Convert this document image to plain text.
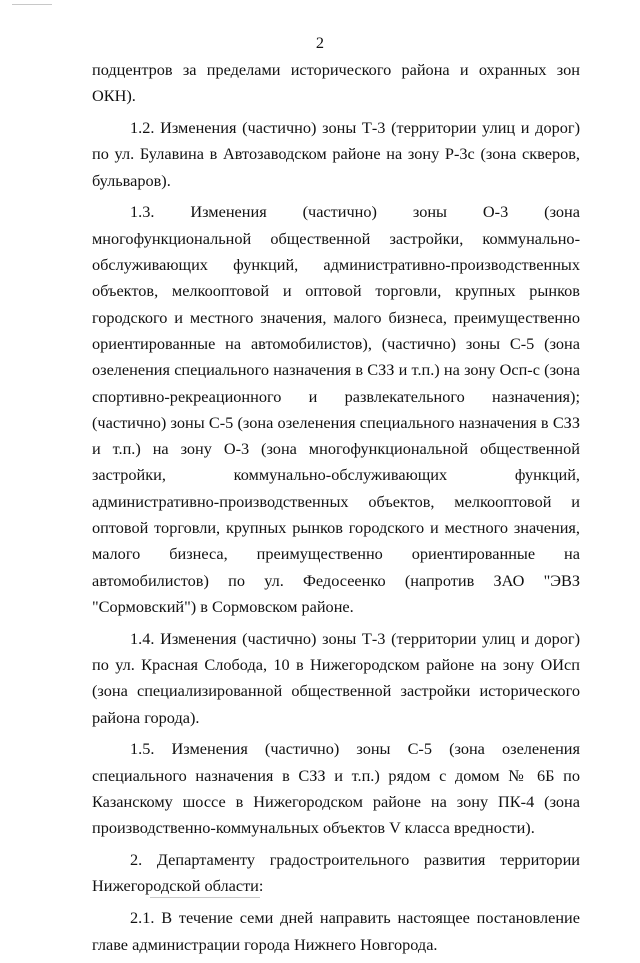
2

подцентров за пределами исторического района и охранных зон ОКН).

1.2. Изменения (частично) зоны Т-3 (территории улиц и дорог) по ул. Булавина в Автозаводском районе на зону Р-3с (зона скверов, бульваров).

1.3. Изменения (частично) зоны О-3 (зона многофункциональной общественной застройки, коммунально-обслуживающих функций, административно-производственных объектов, мелкооптовой и оптовой торговли, крупных рынков городского и местного значения, малого бизнеса, преимущественно ориентированные на автомобилистов), (частично) зоны С-5 (зона озеленения специального назначения в СЗЗ и т.п.) на зону Осп-с (зона спортивно-рекреационного и развлекательного назначения); (частично) зоны С-5 (зона озеленения специального назначения в СЗЗ и т.п.) на зону О-3 (зона многофункциональной общественной застройки, коммунально-обслуживающих функций, административно-производственных объектов, мелкооптовой и оптовой торговли, крупных рынков городского и местного значения, малого бизнеса, преимущественно ориентированные на автомобилистов) по ул. Федосеенко (напротив ЗАО "ЭВЗ "Сормовский") в Сормовском районе.

1.4. Изменения (частично) зоны Т-3 (территории улиц и дорог) по ул. Красная Слобода, 10 в Нижегородском районе на зону ОИсп (зона специализированной общественной застройки исторического района города).

1.5. Изменения (частично) зоны С-5 (зона озеленения специального назначения в СЗЗ и т.п.) рядом с домом № 6Б по Казанскому шоссе в Нижегородском районе на зону ПК-4 (зона производственно-коммунальных объектов V класса вредности).

2. Департаменту градостроительного развития территории Нижегородской области:

2.1. В течение семи дней направить настоящее постановление главе администрации города Нижнего Новгорода.
